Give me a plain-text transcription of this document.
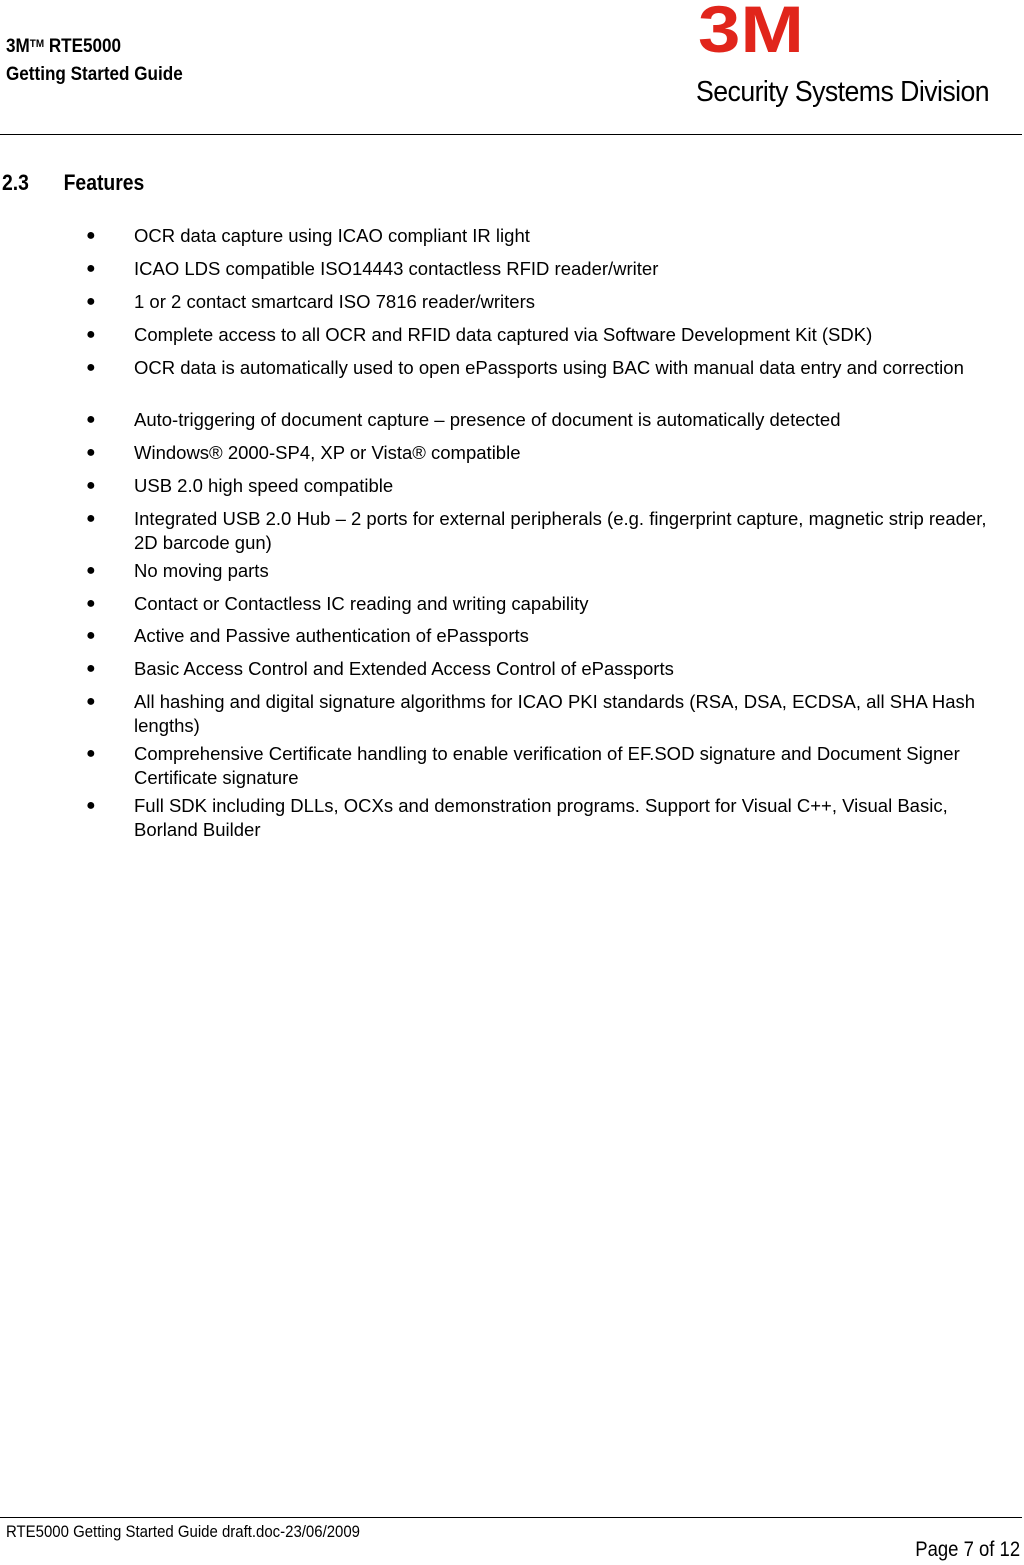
3M™ RTE5000
Getting Started Guide
3M
Security Systems Division
2.3 Features
● OCR data capture using ICAO compliant IR light
● ICAO LDS compatible ISO14443 contactless RFID reader/writer
● 1 or 2 contact smartcard ISO 7816 reader/writers
● Complete access to all OCR and RFID data captured via Software Development Kit (SDK)
● OCR data is automatically used to open ePassports using BAC with manual data entry and correction
● Auto-triggering of document capture – presence of document is automatically detected
● Windows® 2000-SP4, XP or Vista® compatible
● USB 2.0 high speed compatible
● Integrated USB 2.0 Hub – 2 ports for external peripherals (e.g. fingerprint capture, magnetic strip reader, 2D barcode gun)
● No moving parts
● Contact or Contactless IC reading and writing capability
● Active and Passive authentication of ePassports
● Basic Access Control and Extended Access Control of ePassports
● All hashing and digital signature algorithms for ICAO PKI standards (RSA, DSA, ECDSA, all SHA Hash lengths)
● Comprehensive Certificate handling to enable verification of EF.SOD signature and Document Signer Certificate signature
● Full SDK including DLLs, OCXs and demonstration programs. Support for Visual C++, Visual Basic, Borland Builder
RTE5000 Getting Started Guide draft.doc-23/06/2009
Page 7 of 12
